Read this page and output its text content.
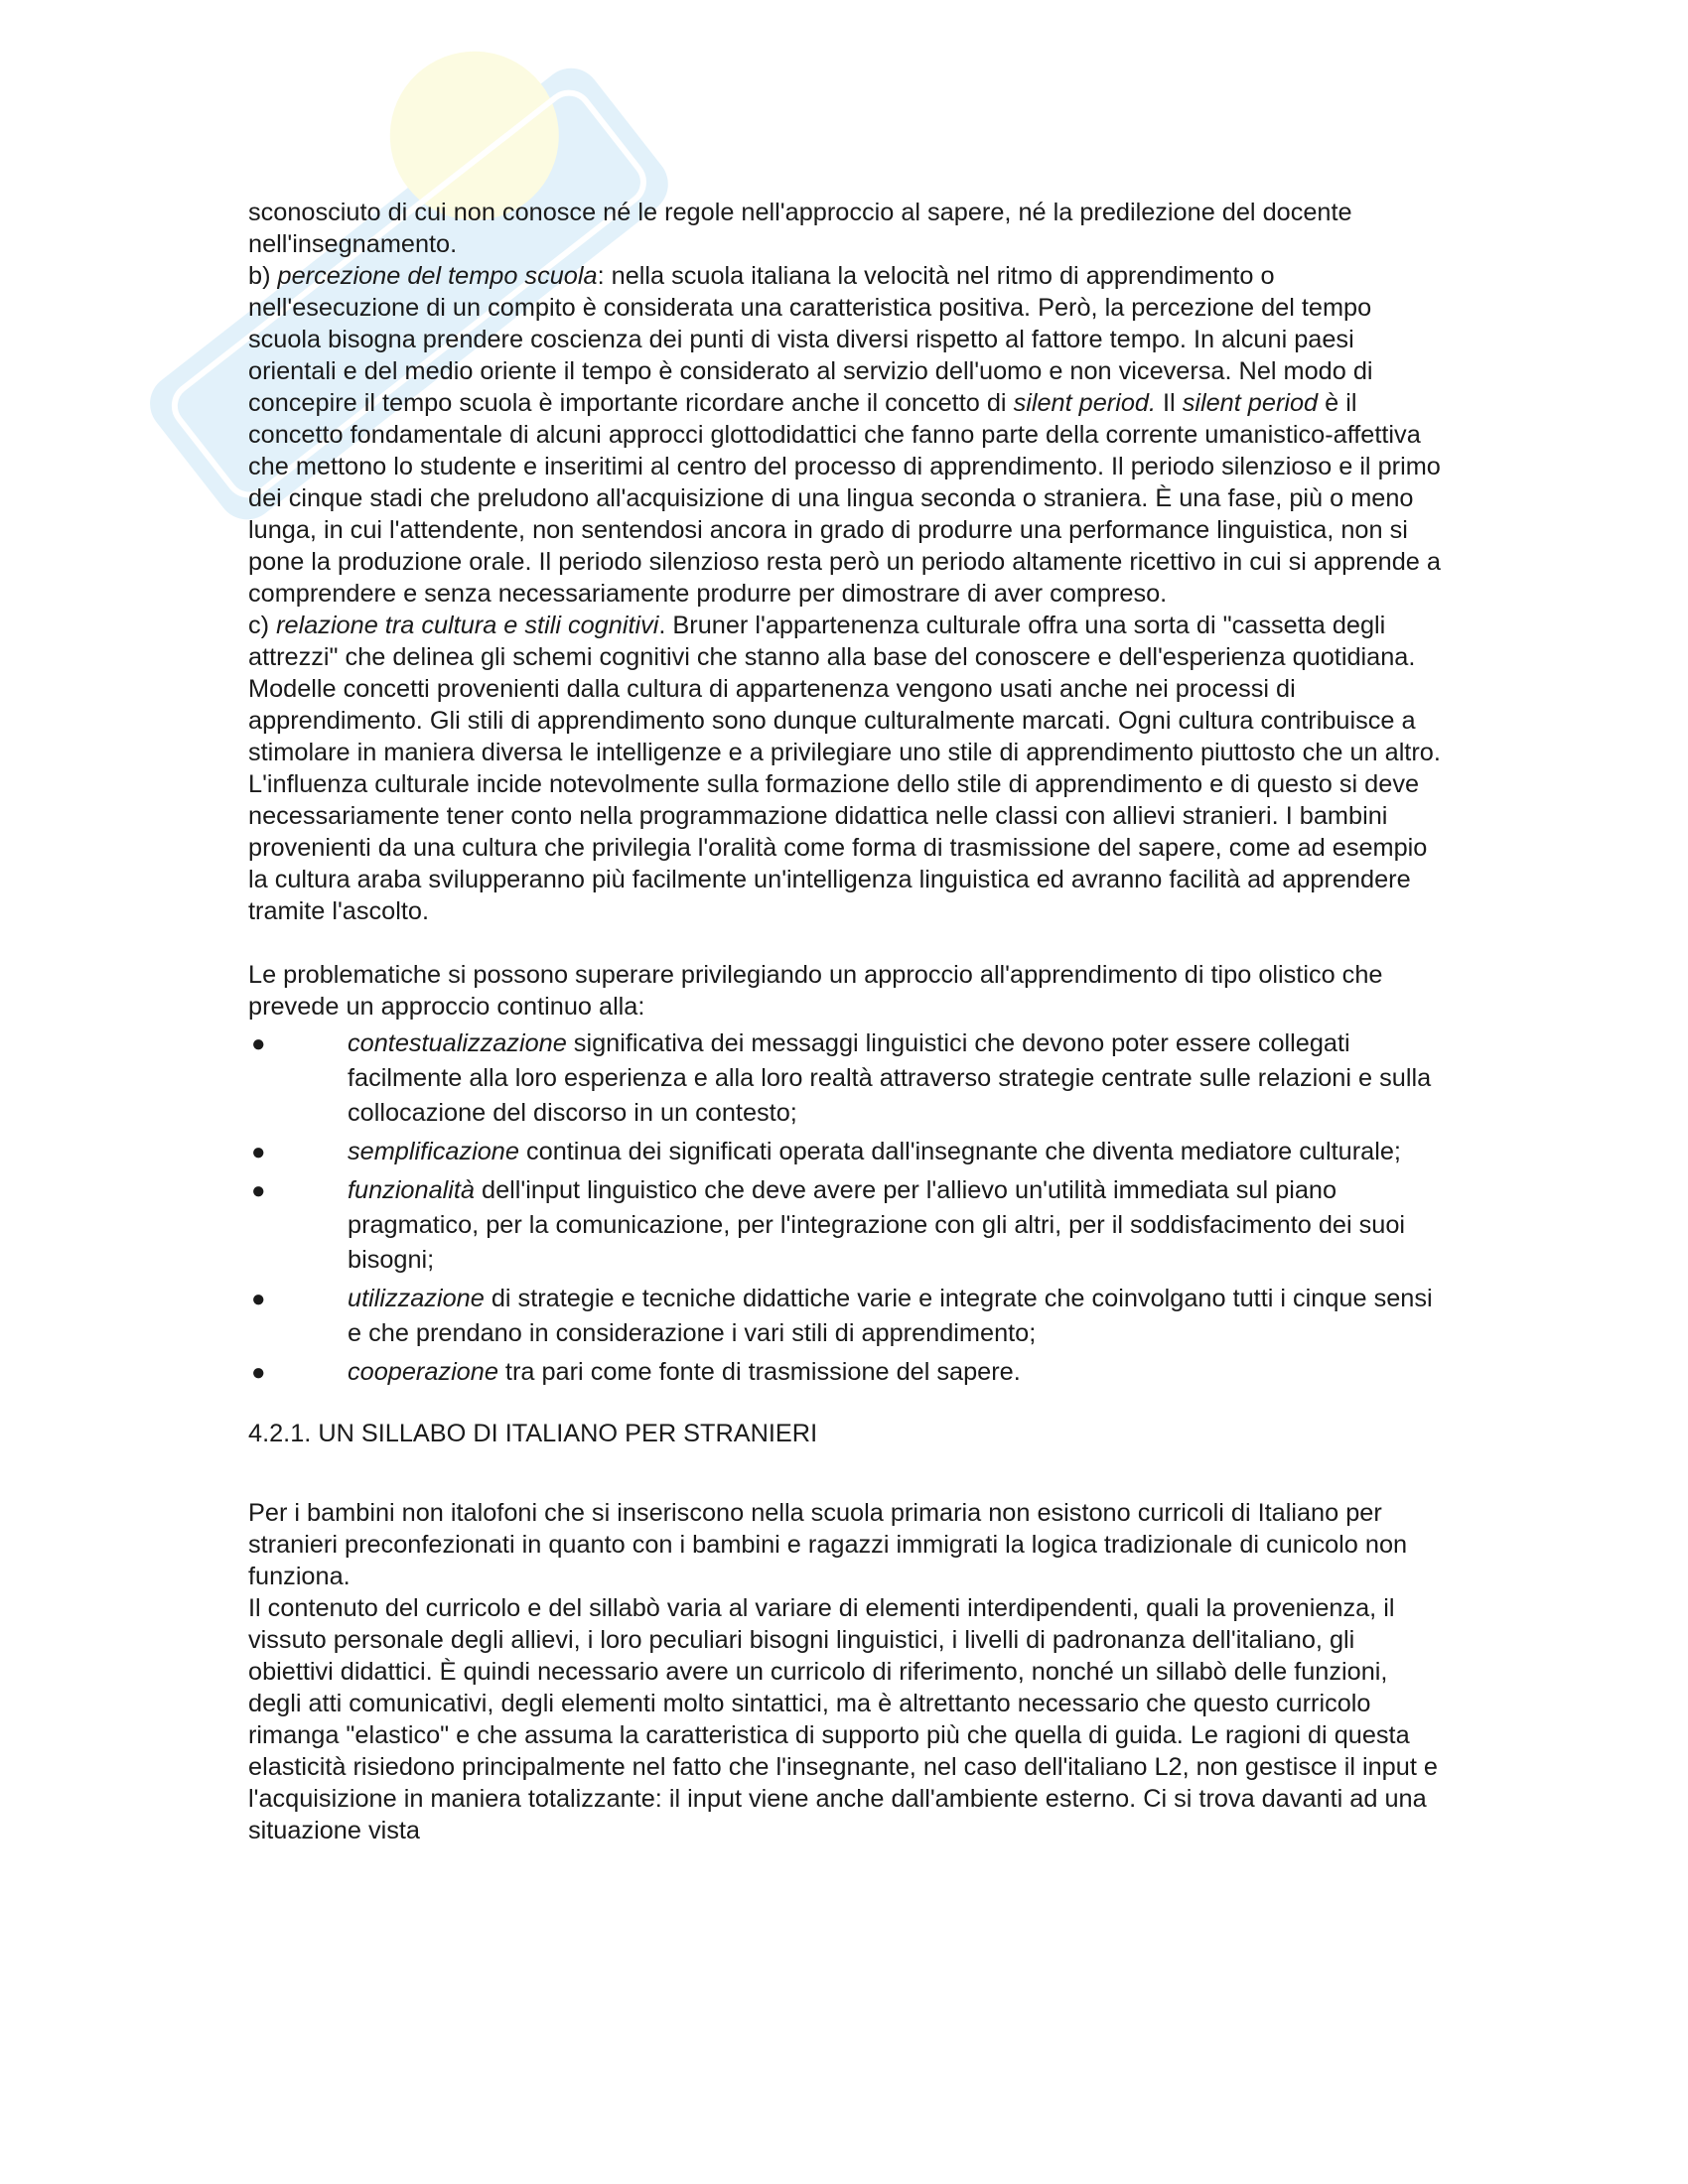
sconosciuto di cui non conosce né le regole nell'approccio al sapere, né la predilezione del docente nell'insegnamento.

b) percezione del tempo scuola: nella scuola italiana la velocità nel ritmo di apprendimento o nell'esecuzione di un compito è considerata una caratteristica positiva. Però, la percezione del tempo scuola bisogna prendere coscienza dei punti di vista diversi rispetto al fattore tempo. In alcuni paesi orientali e del medio oriente il tempo è considerato al servizio dell'uomo e non viceversa. Nel modo di concepire il tempo scuola è importante ricordare anche il concetto di silent period. Il silent period è il concetto fondamentale di alcuni approcci glottodidattici che fanno parte della corrente umanistico-affettiva che mettono lo studente e inseritimi al centro del processo di apprendimento. Il periodo silenzioso e il primo dei cinque stadi che preludono all'acquisizione di una lingua seconda o straniera. È una fase, più o meno lunga, in cui l'attendente, non sentendosi ancora in grado di produrre una performance linguistica, non si pone la produzione orale. Il periodo silenzioso resta però un periodo altamente ricettivo in cui si apprende a comprendere e senza necessariamente produrre per dimostrare di aver compreso.

c) relazione tra cultura e stili cognitivi. Bruner l'appartenenza culturale offra una sorta di "cassetta degli attrezzi" che delinea gli schemi cognitivi che stanno alla base del conoscere e dell'esperienza quotidiana. Modelle concetti provenienti dalla cultura di appartenenza vengono usati anche nei processi di apprendimento. Gli stili di apprendimento sono dunque culturalmente marcati. Ogni cultura contribuisce a stimolare in maniera diversa le intelligenze e a privilegiare uno stile di apprendimento piuttosto che un altro. L'influenza culturale incide notevolmente sulla formazione dello stile di apprendimento e di questo si deve necessariamente tener conto nella programmazione didattica nelle classi con allievi stranieri. I bambini provenienti da una cultura che privilegia l'oralità come forma di trasmissione del sapere, come ad esempio la cultura araba svilupperanno più facilmente un'intelligenza linguistica ed avranno facilità ad apprendere tramite l'ascolto.

Le problematiche si possono superare privilegiando un approccio all'apprendimento di tipo olistico che prevede un approccio continuo alla:

●	contestualizzazione significativa dei messaggi linguistici che devono poter essere collegati facilmente alla loro esperienza e alla loro realtà attraverso strategie centrate sulle relazioni e sulla collocazione del discorso in un contesto;
●	semplificazione continua dei significati operata dall'insegnante che diventa mediatore culturale;
●	funzionalità dell'input linguistico che deve avere per l'allievo un'utilità immediata sul piano pragmatico, per la comunicazione, per l'integrazione con gli altri, per il soddisfacimento dei suoi bisogni;
●	utilizzazione di strategie e tecniche didattiche varie e integrate che coinvolgano tutti i cinque sensi e che prendano in considerazione i vari stili di apprendimento;
●	cooperazione tra pari come fonte di trasmissione del sapere.

4.2.1. UN SILLABO DI ITALIANO PER STRANIERI

Per i bambini non italofoni che si inseriscono nella scuola primaria non esistono curricoli di Italiano per stranieri preconfezionati in quanto con i bambini e ragazzi immigrati la logica tradizionale di cunicolo non funziona.

Il contenuto del curricolo e del sillabò varia al variare di elementi interdipendenti, quali la provenienza, il vissuto personale degli allievi, i loro peculiari bisogni linguistici, i livelli di padronanza dell'italiano, gli obiettivi didattici. È quindi necessario avere un curricolo di riferimento, nonché un sillabò delle funzioni, degli atti comunicativi, degli elementi molto sintattici, ma è altrettanto necessario che questo curricolo rimanga "elastico" e che assuma la caratteristica di supporto più che quella di guida. Le ragioni di questa elasticità risiedono principalmente nel fatto che l'insegnante, nel caso dell'italiano L2, non gestisce il input e l'acquisizione in maniera totalizzante: il input viene anche dall'ambiente esterno. Ci si trova davanti ad una situazione vista
